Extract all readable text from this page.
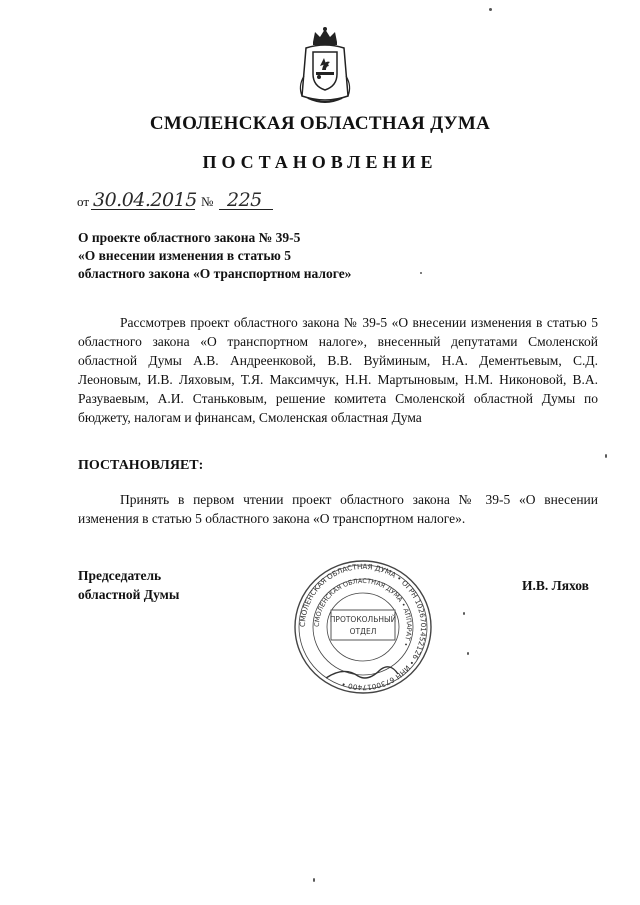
СМОЛЕНСКАЯ ОБЛАСТНАЯ ДУМА
ПОСТАНОВЛЕНИЕ
от 30.04.2015 № 225
О проекте областного закона № 39-5
«О внесении изменения в статью 5
областного закона «О транспортном налоге»
Рассмотрев проект областного закона № 39-5 «О внесении изменения в статью 5 областного закона «О транспортном налоге», внесенный депутатами Смоленской областной Думы А.В. Андреенковой, В.В. Вуйминым, Н.А. Дементьевым, С.Д. Леоновым, И.В. Ляховым, Т.Я. Максимчук, Н.Н. Мартыновым, Н.М. Никоновой, В.А. Разуваевым, А.И. Станьковым, решение комитета Смоленской областной Думы по бюджету, налогам и финансам, Смоленская областная Дума
ПОСТАНОВЛЯЕТ:
Принять в первом чтении проект областного закона № 39-5 «О внесении изменения в статью 5 областного закона «О транспортном налоге».
Председатель
областной Думы
И.В. Ляхов
СМОЛЕНСКАЯ ОБЛАСТНАЯ ДУМА • ОГРН 1026701452126 • ИНН 6730017400 •
СМОЛЕНСКАЯ ОБЛАСТНАЯ ДУМА • АППАРАТ •
ПРОТОКОЛЬНЫЙ
ОТДЕЛ
